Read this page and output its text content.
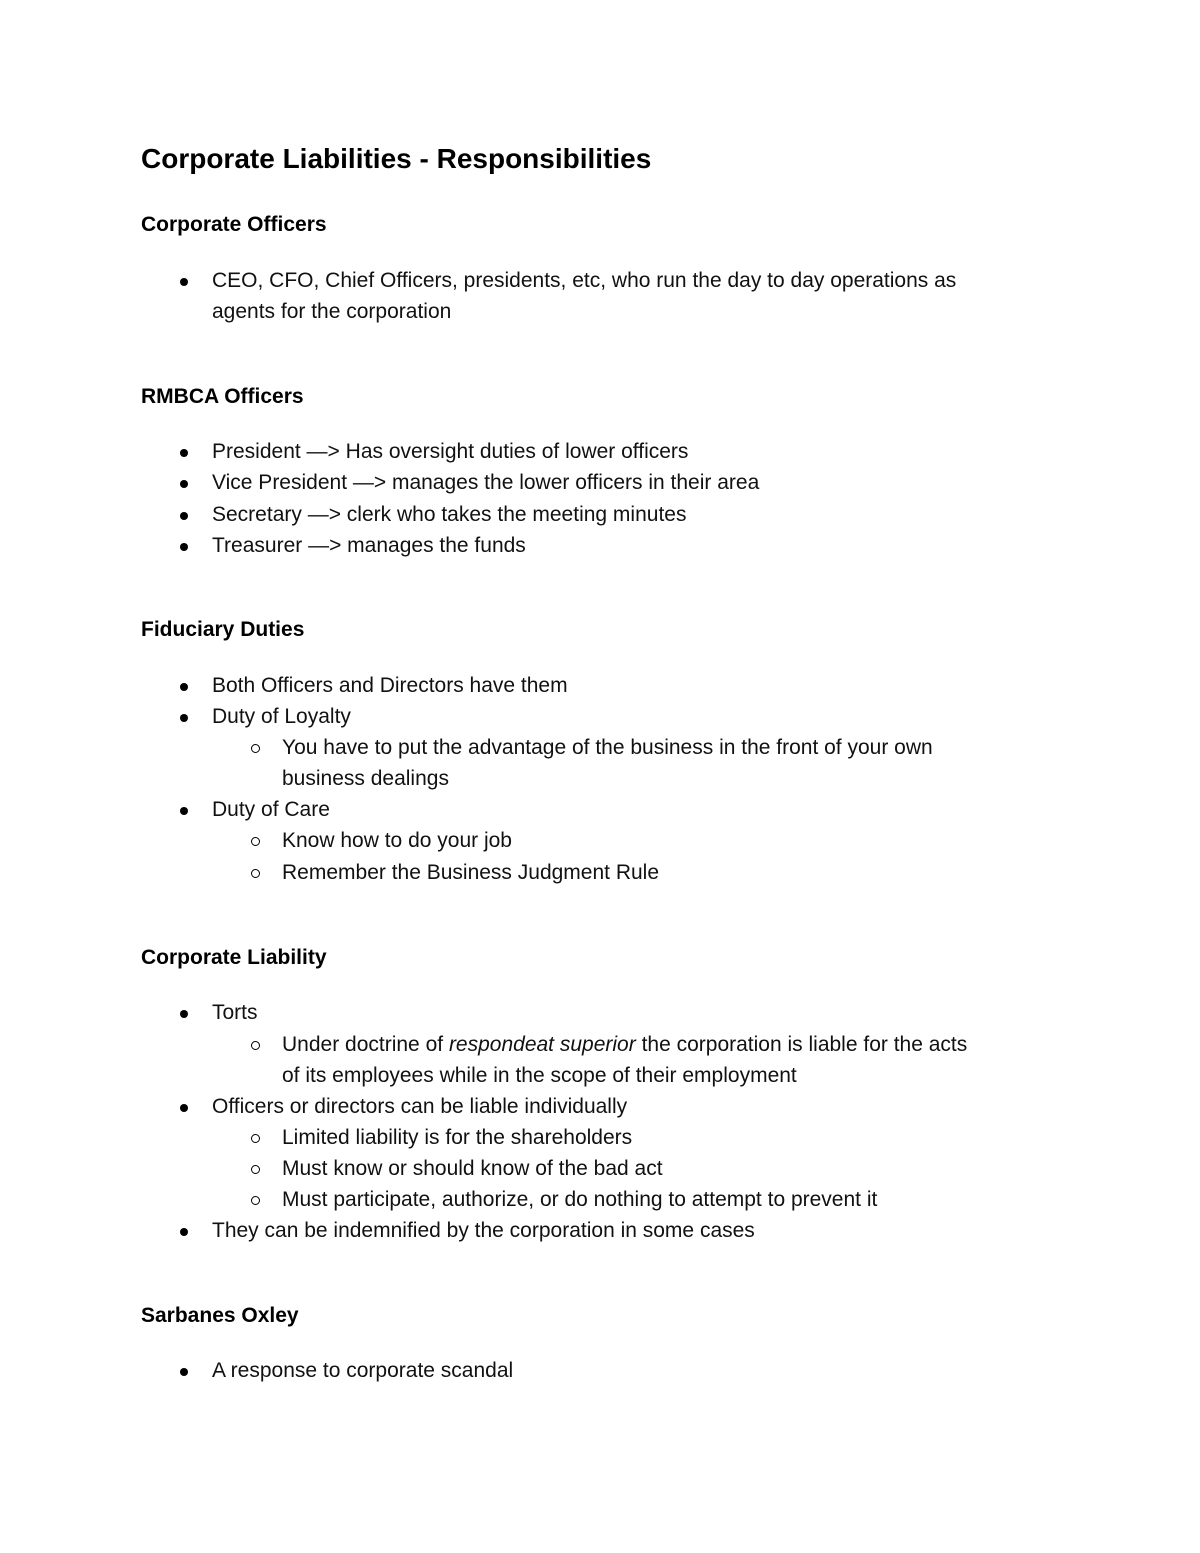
Corporate Liabilities - Responsibilities
Corporate Officers
CEO, CFO, Chief Officers, presidents, etc, who run the day to day operations as
agents for the corporation
RMBCA Officers
President —> Has oversight duties of lower officers
Vice President —> manages the lower officers in their area
Secretary —> clerk who takes the meeting minutes
Treasurer —> manages the funds
Fiduciary Duties
Both Officers and Directors have them
Duty of Loyalty
You have to put the advantage of the business in the front of your own
business dealings
Duty of Care
Know how to do your job
Remember the Business Judgment Rule
Corporate Liability
Torts
Under doctrine of respondeat superior the corporation is liable for the acts
of its employees while in the scope of their employment
Officers or directors can be liable individually
Limited liability is for the shareholders
Must know or should know of the bad act
Must participate, authorize, or do nothing to attempt to prevent it
They can be indemnified by the corporation in some cases
Sarbanes Oxley
A response to corporate scandal
